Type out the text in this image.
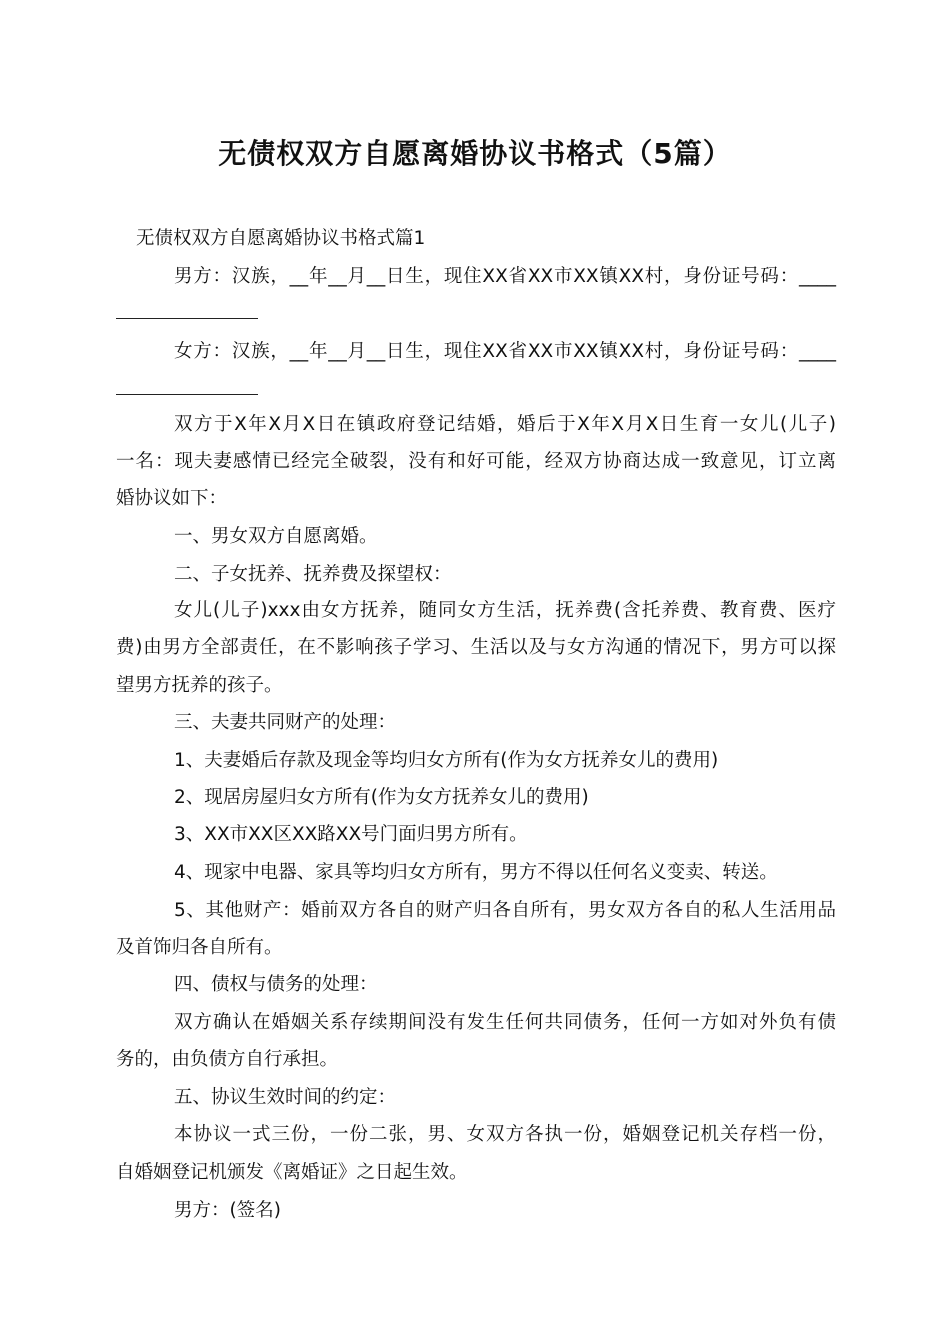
无债权双方自愿离婚协议书格式（5篇）

无债权双方自愿离婚协议书格式篇1

男方：汉族，__年__月__日生，现住XX省XX市XX镇XX村，身份证号码：____

女方：汉族，__年__月__日生，现住XX省XX市XX镇XX村，身份证号码：____

双方于X年X月X日在镇政府登记结婚，婚后于X年X月X日生育一女儿(儿子)

一名：现夫妻感情已经完全破裂，没有和好可能，经双方协商达成一致意见，订立离

婚协议如下：

一、男女双方自愿离婚。

二、子女抚养、抚养费及探望权：

女儿(儿子)xxx由女方抚养，随同女方生活，抚养费(含托养费、教育费、医疗

费)由男方全部责任，在不影响孩子学习、生活以及与女方沟通的情况下，男方可以探

望男方抚养的孩子。

三、夫妻共同财产的处理：

1、夫妻婚后存款及现金等均归女方所有(作为女方抚养女儿的费用)

2、现居房屋归女方所有(作为女方抚养女儿的费用)

3、XX市XX区XX路XX号门面归男方所有。

4、现家中电器、家具等均归女方所有，男方不得以任何名义变卖、转送。

5、其他财产：婚前双方各自的财产归各自所有，男女双方各自的私人生活用品

及首饰归各自所有。

四、债权与债务的处理：

双方确认在婚姻关系存续期间没有发生任何共同债务，任何一方如对外负有债

务的，由负债方自行承担。

五、协议生效时间的约定：

本协议一式三份，一份二张，男、女双方各执一份，婚姻登记机关存档一份，

自婚姻登记机颁发《离婚证》之日起生效。

男方：(签名)
